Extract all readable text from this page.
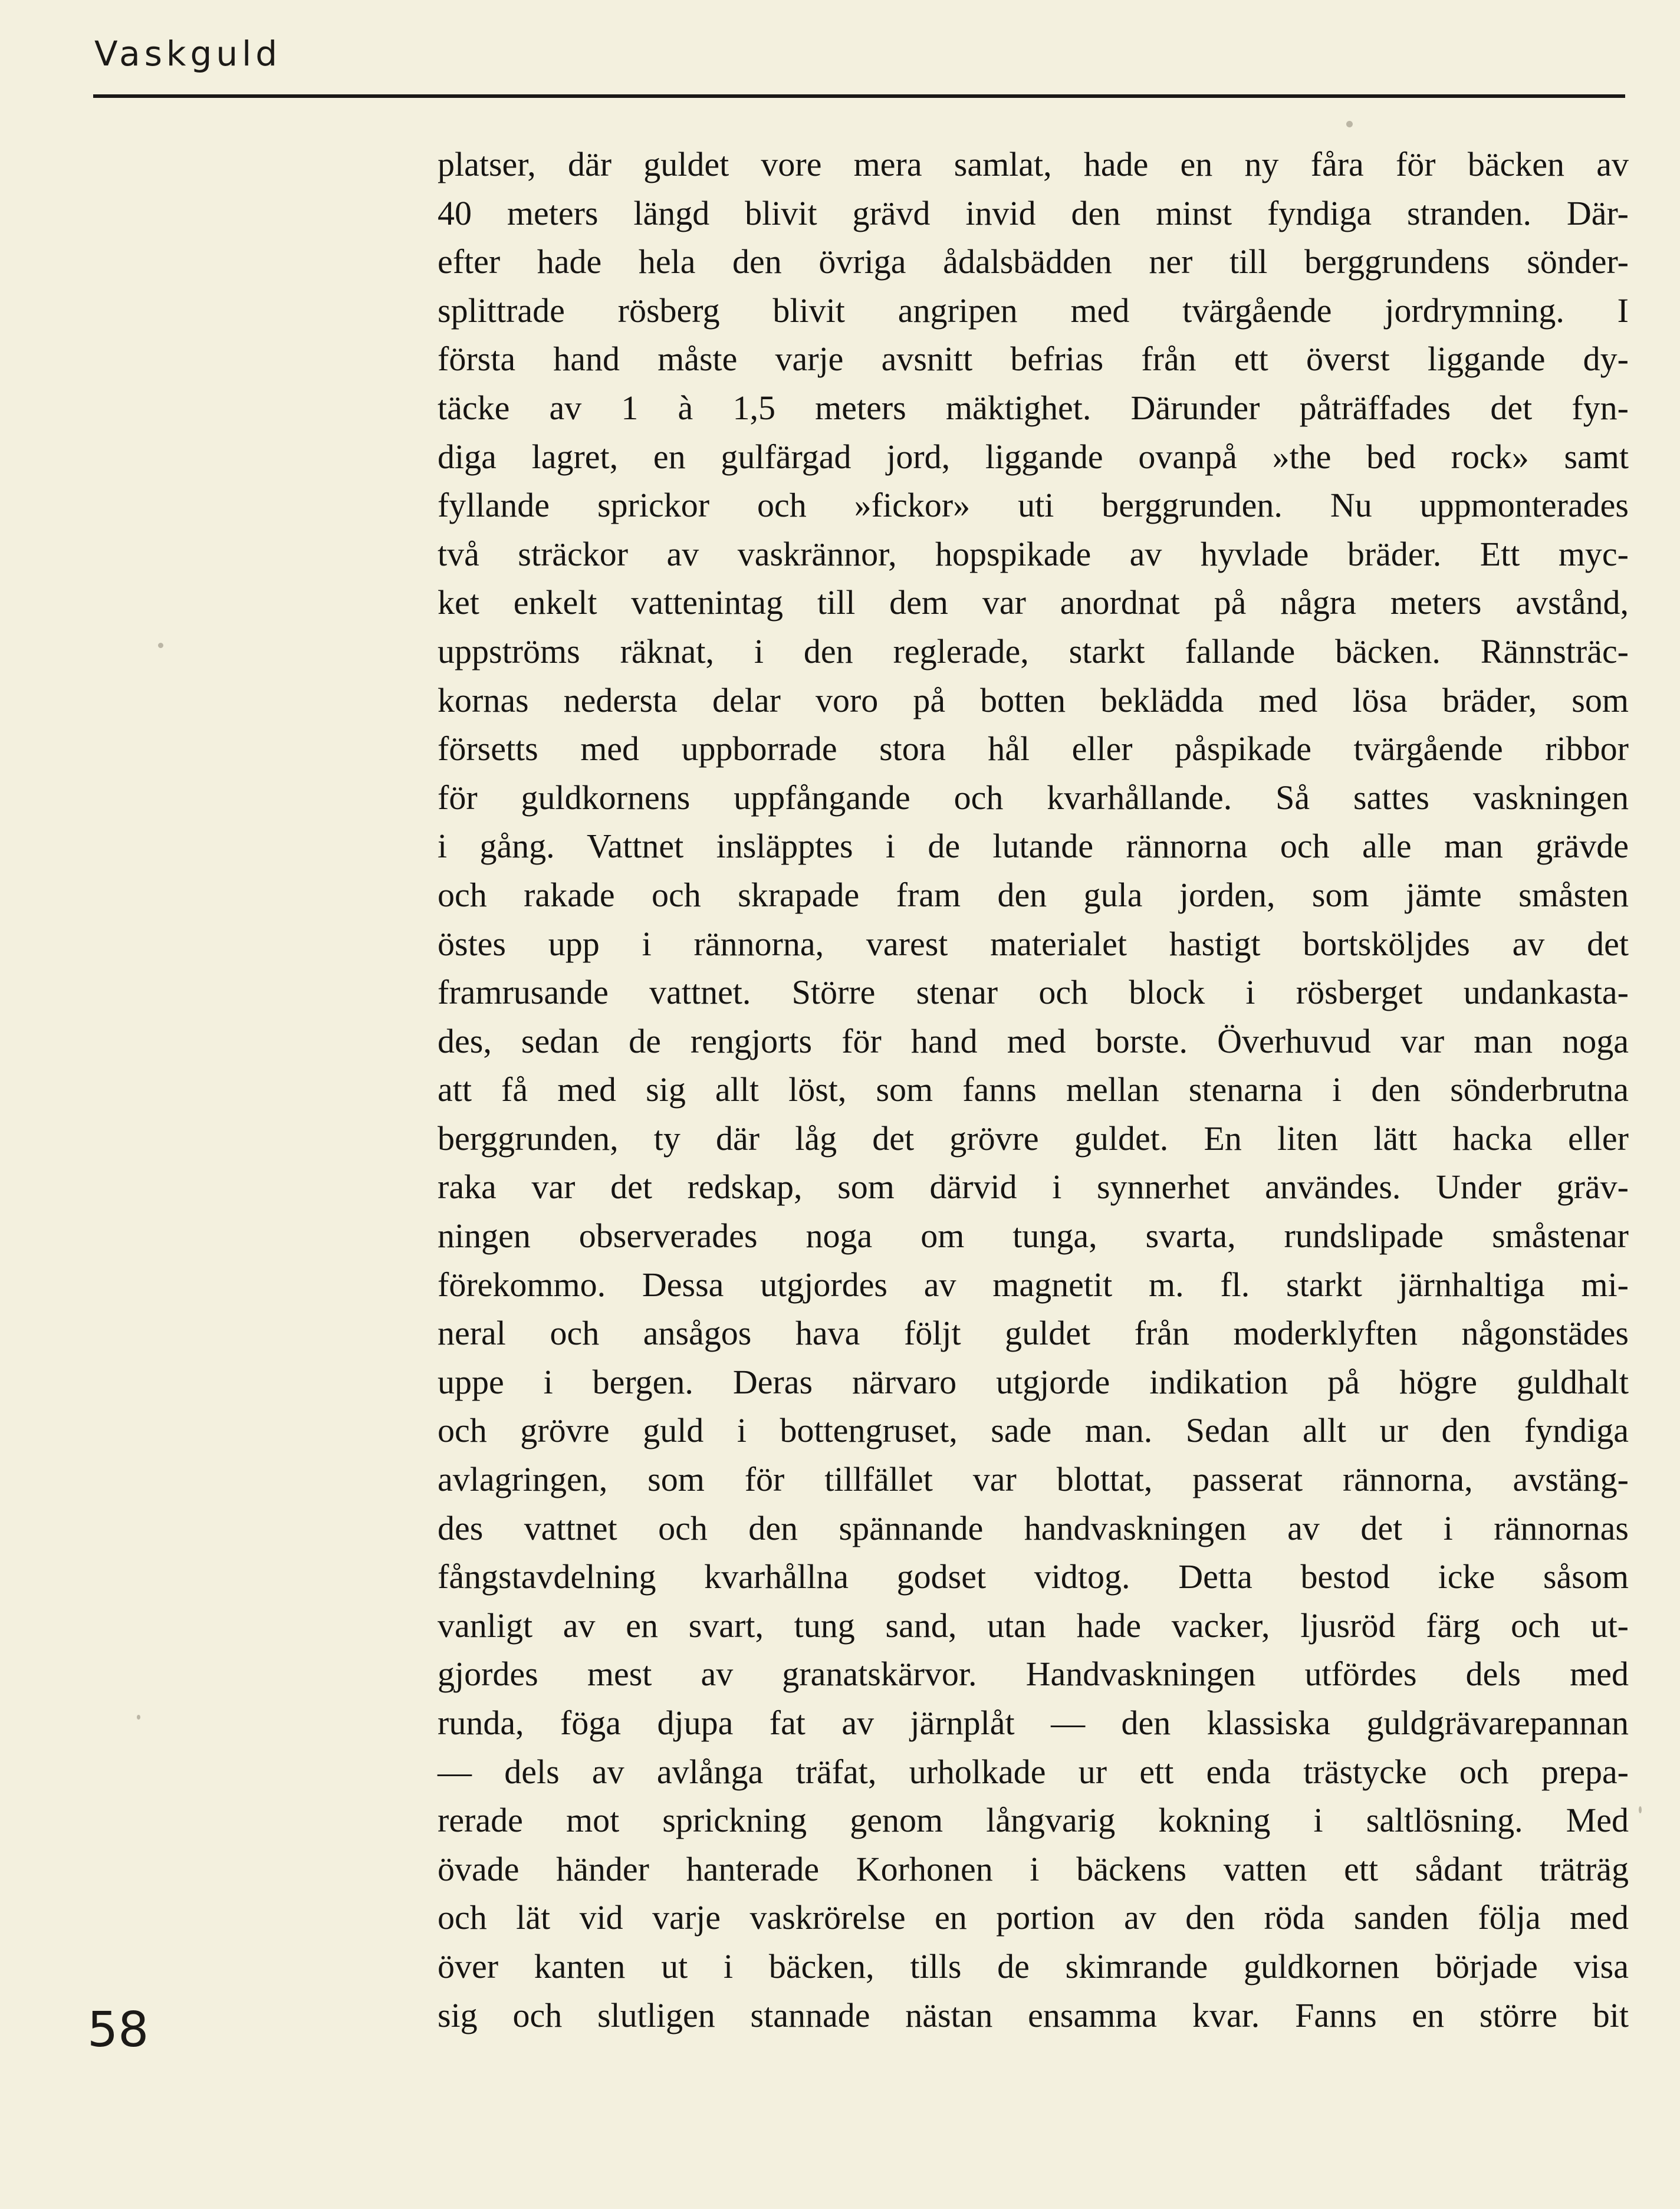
Vaskguld
platser, där guldet vore mera samlat, hade en ny fåra för bäcken av
40 meters längd blivit grävd invid den minst fyndiga stranden. Där-
efter hade hela den övriga ådalsbädden ner till berggrundens sönder-
splittrade rösberg blivit angripen med tvärgående jordrymning. I
första hand måste varje avsnitt befrias från ett överst liggande dy-
täcke av 1 à 1,5 meters mäktighet. Därunder påträffades det fyn-
diga lagret, en gulfärgad jord, liggande ovanpå »the bed rock» samt
fyllande sprickor och »fickor» uti berggrunden. Nu uppmonterades
två sträckor av vaskrännor, hopspikade av hyvlade bräder. Ett myc-
ket enkelt vattenintag till dem var anordnat på några meters avstånd,
uppströms räknat, i den reglerade, starkt fallande bäcken. Rännsträc-
kornas nedersta delar voro på botten beklädda med lösa bräder, som
försetts med uppborrade stora hål eller påspikade tvärgående ribbor
för guldkornens uppfångande och kvarhållande. Så sattes vaskningen
i gång. Vattnet insläpptes i de lutande rännorna och alle man grävde
och rakade och skrapade fram den gula jorden, som jämte småsten
östes upp i rännorna, varest materialet hastigt bortsköljdes av det
framrusande vattnet. Större stenar och block i rösberget undankasta-
des, sedan de rengjorts för hand med borste. Överhuvud var man noga
att få med sig allt löst, som fanns mellan stenarna i den sönderbrutna
berggrunden, ty där låg det grövre guldet. En liten lätt hacka eller
raka var det redskap, som därvid i synnerhet användes. Under gräv-
ningen observerades noga om tunga, svarta, rundslipade småstenar
förekommo. Dessa utgjordes av magnetit m. fl. starkt järnhaltiga mi-
neral och ansågos hava följt guldet från moderklyften någonstädes
uppe i bergen. Deras närvaro utgjorde indikation på högre guldhalt
och grövre guld i bottengruset, sade man. Sedan allt ur den fyndiga
avlagringen, som för tillfället var blottat, passerat rännorna, avstäng-
des vattnet och den spännande handvaskningen av det i rännornas
fångstavdelning kvarhållna godset vidtog. Detta bestod icke såsom
vanligt av en svart, tung sand, utan hade vacker, ljusröd färg och ut-
gjordes mest av granatskärvor. Handvaskningen utfördes dels med
runda, föga djupa fat av järnplåt — den klassiska guldgrävarepannan
— dels av avlånga träfat, urholkade ur ett enda trästycke och prepa-
rerade mot sprickning genom långvarig kokning i saltlösning. Med
övade händer hanterade Korhonen i bäckens vatten ett sådant träträg
och lät vid varje vaskrörelse en portion av den röda sanden följa med
över kanten ut i bäcken, tills de skimrande guldkornen började visa
sig och slutligen stannade nästan ensamma kvar. Fanns en större bit
58
